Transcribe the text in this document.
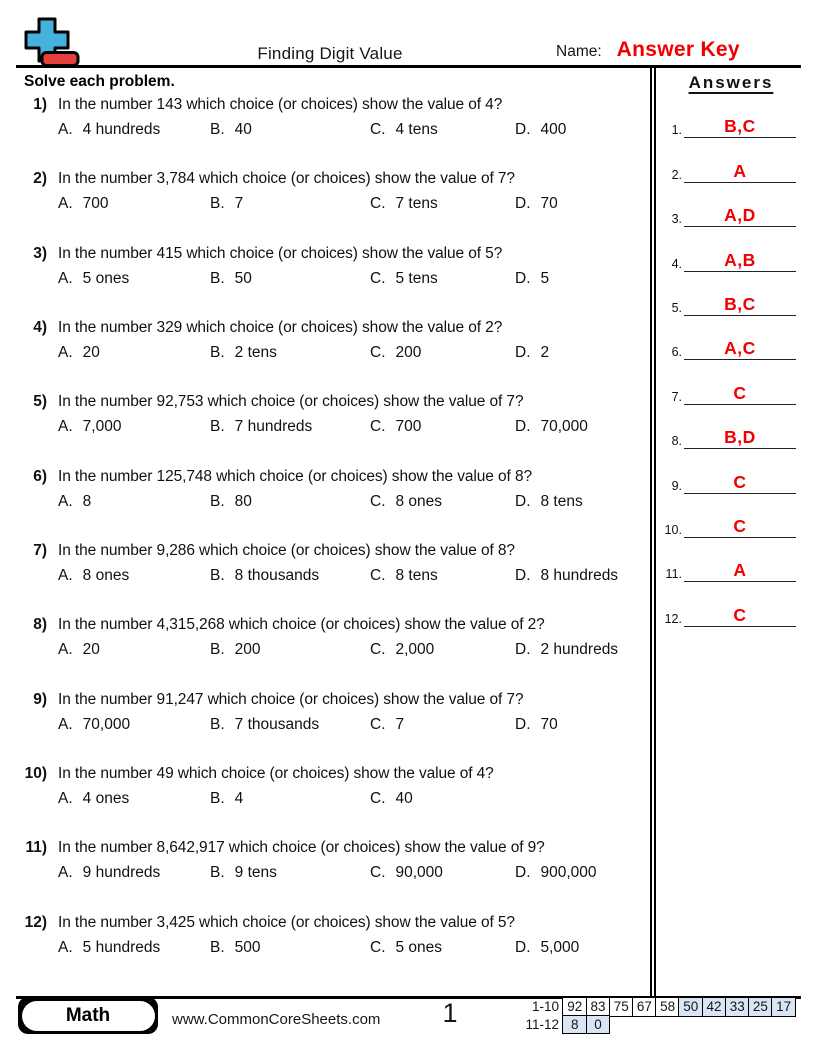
Finding Digit Value	Name: Answer Key
Solve each problem.
1) In the number 143 which choice (or choices) show the value of 4?
A. 4 hundreds	B. 40	C. 4 tens	D. 400
2) In the number 3,784 which choice (or choices) show the value of 7?
A. 700	B. 7	C. 7 tens	D. 70
3) In the number 415 which choice (or choices) show the value of 5?
A. 5 ones	B. 50	C. 5 tens	D. 5
4) In the number 329 which choice (or choices) show the value of 2?
A. 20	B. 2 tens	C. 200	D. 2
5) In the number 92,753 which choice (or choices) show the value of 7?
A. 7,000	B. 7 hundreds	C. 700	D. 70,000
6) In the number 125,748 which choice (or choices) show the value of 8?
A. 8	B. 80	C. 8 ones	D. 8 tens
7) In the number 9,286 which choice (or choices) show the value of 8?
A. 8 ones	B. 8 thousands	C. 8 tens	D. 8 hundreds
8) In the number 4,315,268 which choice (or choices) show the value of 2?
A. 20	B. 200	C. 2,000	D. 2 hundreds
9) In the number 91,247 which choice (or choices) show the value of 7?
A. 70,000	B. 7 thousands	C. 7	D. 70
10) In the number 49 which choice (or choices) show the value of 4?
A. 4 ones	B. 4	C. 40
11) In the number 8,642,917 which choice (or choices) show the value of 9?
A. 9 hundreds	B. 9 tens	C. 90,000	D. 900,000
12) In the number 3,425 which choice (or choices) show the value of 5?
A. 5 hundreds	B. 500	C. 5 ones	D. 5,000
Answers
1.	B,C
2.	A
3.	A,D
4.	A,B
5.	B,C
6.	A,C
7.	C
8.	B,D
9.	C
10.	C
11.	A
12.	C
Math	www.CommonCoreSheets.com	1	1-10 92 83 75 67 58 50 42 33 25 17
11-12 8	0
